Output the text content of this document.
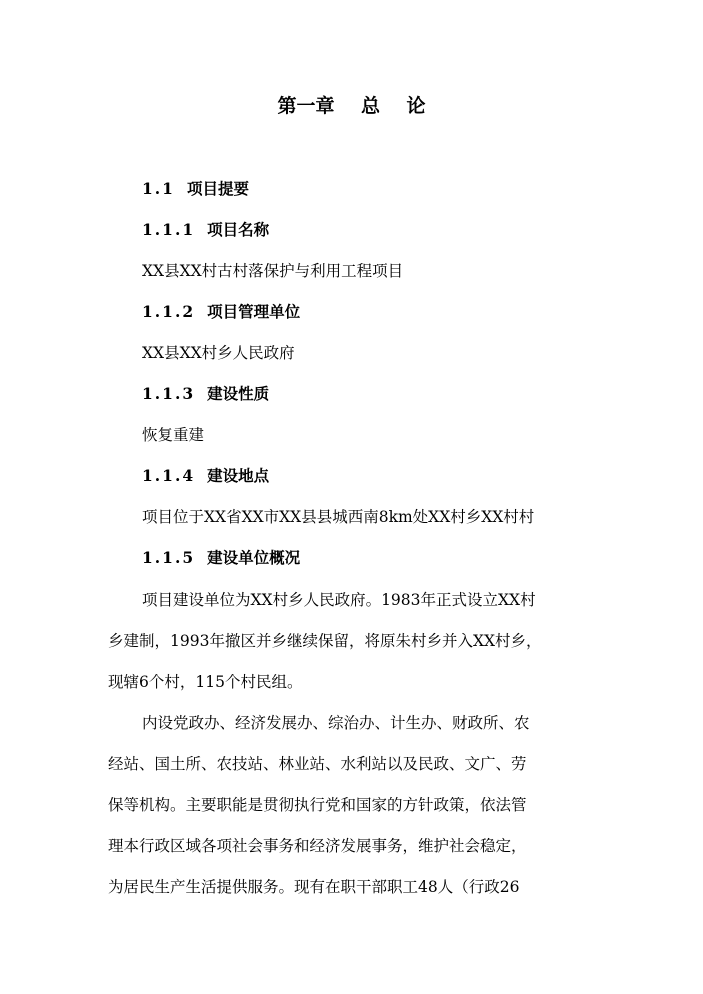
第一章    总    论
1.1 项目提要
1.1.1 项目名称
XX县XX村古村落保护与利用工程项目
1.1.2 项目管理单位
XX县XX村乡人民政府
1.1.3 建设性质
恢复重建
1.1.4 建设地点
项目位于XX省XX市XX县县城西南8km处XX村乡XX村村
1.1.5 建设单位概况
项目建设单位为XX村乡人民政府。1983年正式设立XX村
乡建制，1993年撤区并乡继续保留，将原朱村乡并入XX村乡，
现辖6个村，115个村民组。
内设党政办、经济发展办、综治办、计生办、财政所、农
经站、国土所、农技站、林业站、水利站以及民政、文广、劳
保等机构。主要职能是贯彻执行党和国家的方针政策，依法管
理本行政区域各项社会事务和经济发展事务，维护社会稳定，
为居民生产生活提供服务。现有在职干部职工48人（行政26
